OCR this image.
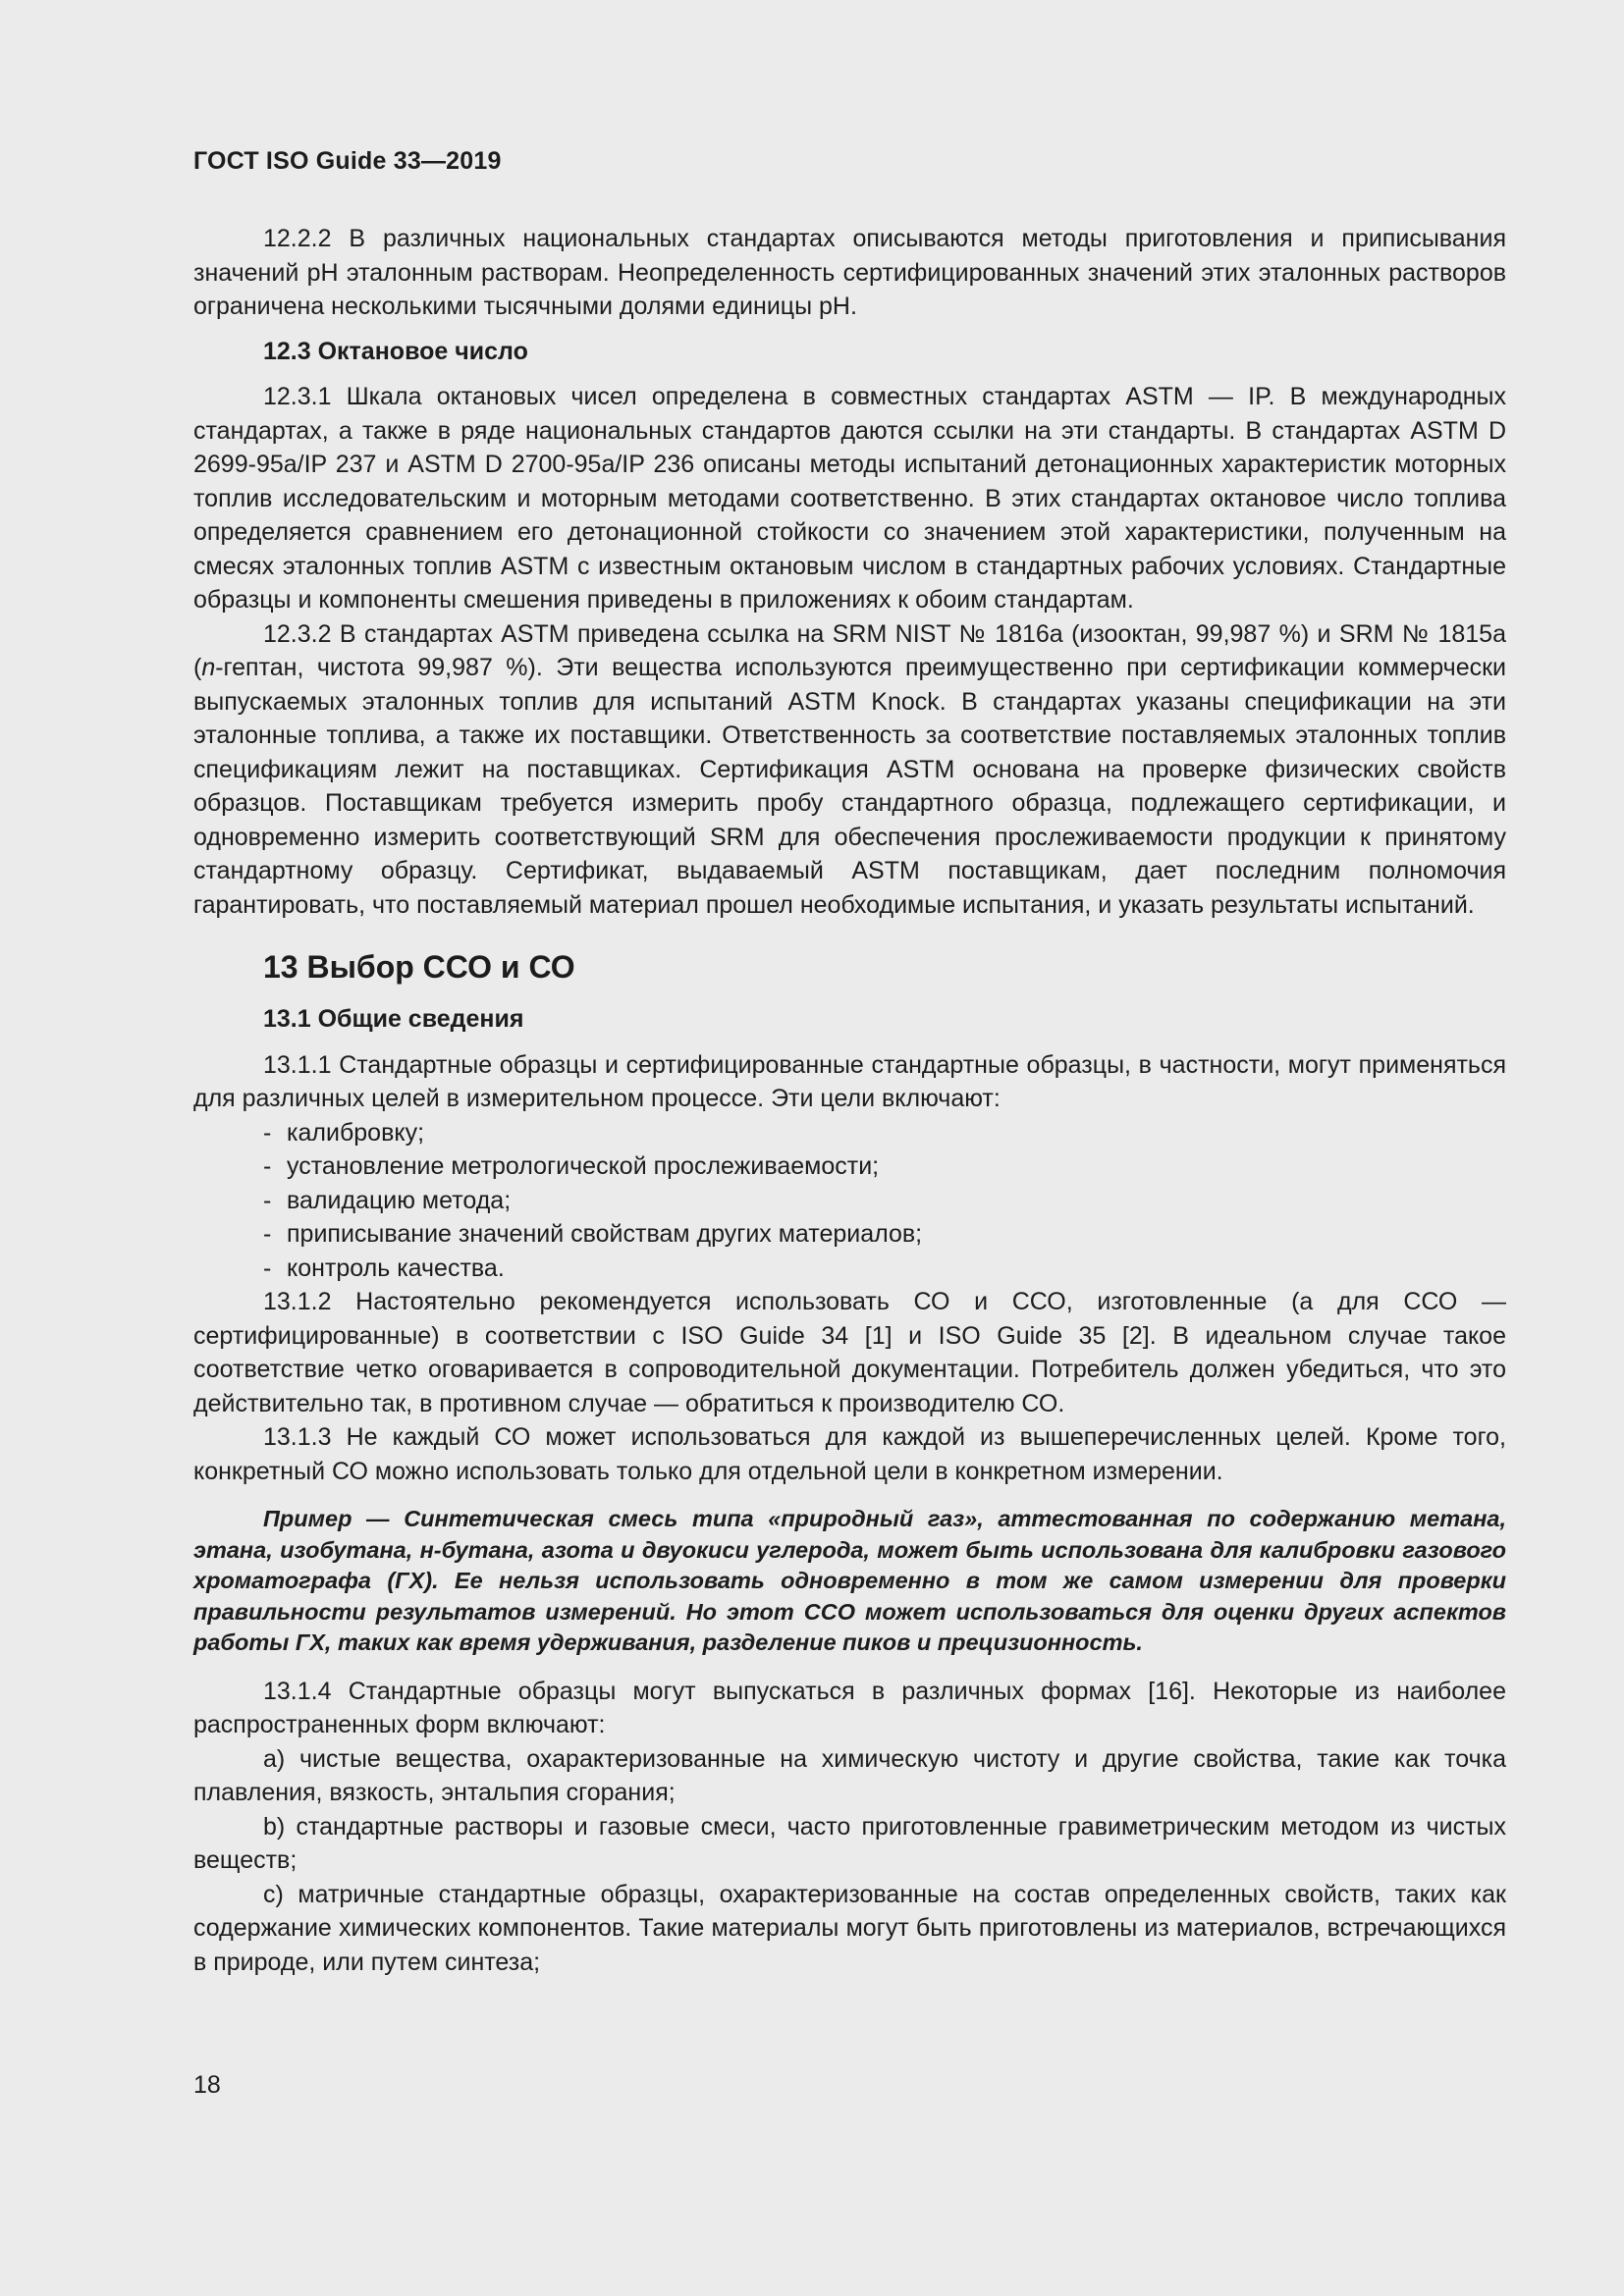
ГОСТ ISO Guide 33—2019

12.2.2 В различных национальных стандартах описываются методы приготовления и приписывания значений pH эталонным растворам. Неопределенность сертифицированных значений этих эталонных растворов ограничена несколькими тысячными долями единицы pH.

12.3 Октановое число

12.3.1 Шкала октановых чисел определена в совместных стандартах ASTM — IP. В международных стандартах, а также в ряде национальных стандартов даются ссылки на эти стандарты. В стандартах ASTM D 2699-95a/IP 237 и ASTM D 2700-95a/IP 236 описаны методы испытаний детонационных характеристик моторных топлив исследовательским и моторным методами соответственно. В этих стандартах октановое число топлива определяется сравнением его детонационной стойкости со значением этой характеристики, полученным на смесях эталонных топлив ASTM с известным октановым числом в стандартных рабочих условиях. Стандартные образцы и компоненты смешения приведены в приложениях к обоим стандартам.

12.3.2 В стандартах ASTM приведена ссылка на SRM NIST № 1816a (изооктан, 99,987 %) и SRM № 1815a (n-гептан, чистота 99,987 %). Эти вещества используются преимущественно при сертификации коммерчески выпускаемых эталонных топлив для испытаний ASTM Knock. В стандартах указаны спецификации на эти эталонные топлива, а также их поставщики. Ответственность за соответствие поставляемых эталонных топлив спецификациям лежит на поставщиках. Сертификация ASTM основана на проверке физических свойств образцов. Поставщикам требуется измерить пробу стандартного образца, подлежащего сертификации, и одновременно измерить соответствующий SRM для обеспечения прослеживаемости продукции к принятому стандартному образцу. Сертификат, выдаваемый ASTM поставщикам, дает последним полномочия гарантировать, что поставляемый материал прошел необходимые испытания, и указать результаты испытаний.

13 Выбор ССО и СО
13.1 Общие сведения

13.1.1 Стандартные образцы и сертифицированные стандартные образцы, в частности, могут применяться для различных целей в измерительном процессе. Эти цели включают:

- калибровку;
- установление метрологической прослеживаемости;
- валидацию метода;
- приписывание значений свойствам других материалов;
- контроль качества.

13.1.2 Настоятельно рекомендуется использовать СО и ССО, изготовленные (а для ССО — сертифицированные) в соответствии с ISO Guide 34 [1] и ISO Guide 35 [2]. В идеальном случае такое соответствие четко оговаривается в сопроводительной документации. Потребитель должен убедиться, что это действительно так, в противном случае — обратиться к производителю СО.

13.1.3 Не каждый СО может использоваться для каждой из вышеперечисленных целей. Кроме того, конкретный СО можно использовать только для отдельной цели в конкретном измерении.

Пример — Синтетическая смесь типа «природный газ», аттестованная по содержанию метана, этана, изобутана, н-бутана, азота и двуокиси углерода, может быть использована для калибровки газового хроматографа (ГХ). Ее нельзя использовать одновременно в том же самом измерении для проверки правильности результатов измерений. Но этот ССО может использоваться для оценки других аспектов работы ГХ, таких как время удерживания, разделение пиков и прецизионность.

13.1.4 Стандартные образцы могут выпускаться в различных формах [16]. Некоторые из наиболее распространенных форм включают:

a) чистые вещества, охарактеризованные на химическую чистоту и другие свойства, такие как точка плавления, вязкость, энтальпия сгорания;

b) стандартные растворы и газовые смеси, часто приготовленные гравиметрическим методом из чистых веществ;

c) матричные стандартные образцы, охарактеризованные на состав определенных свойств, таких как содержание химических компонентов. Такие материалы могут быть приготовлены из материалов, встречающихся в природе, или путем синтеза;

18
